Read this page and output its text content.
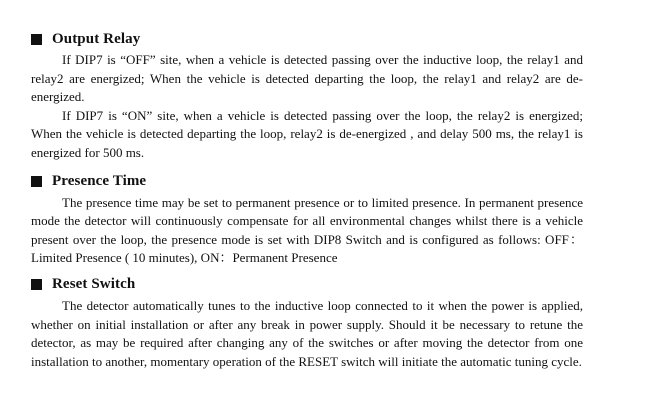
Output Relay

If DIP7 is “OFF” site, when a vehicle is detected passing over the inductive loop, the relay1 and relay2 are energized; When the vehicle is detected departing the loop, the relay1 and relay2 are de-energized.

If DIP7 is “ON” site, when a vehicle is detected passing over the loop, the relay2 is energized; When the vehicle is detected departing the loop, relay2 is de-energized , and delay 500 ms, the relay1 is energized for 500 ms.

Presence Time

The presence time may be set to permanent presence or to limited presence. In permanent presence mode the detector will continuously compensate for all environmental changes whilst there is a vehicle present over the loop, the presence mode is set with DIP8 Switch and is configured as follows: OFF：Limited Presence ( 10 minutes), ON：Permanent Presence

Reset Switch

The detector automatically tunes to the inductive loop connected to it when the power is applied, whether on initial installation or after any break in power supply. Should it be necessary to retune the detector, as may be required after changing any of the switches or after moving the detector from one installation to another, momentary operation of the RESET switch will initiate the automatic tuning cycle.
